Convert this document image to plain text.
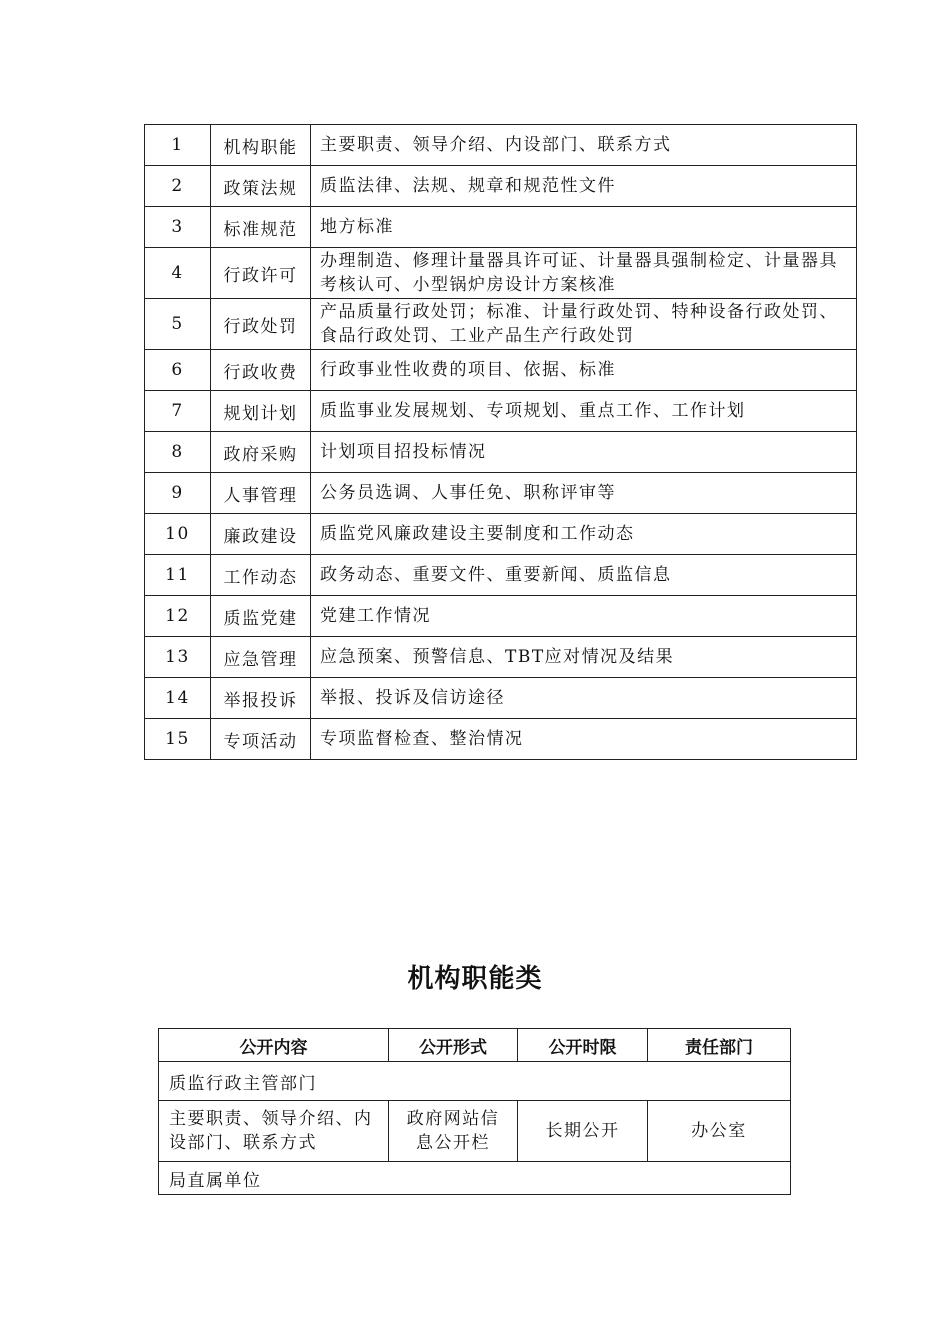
1	机构职能	主要职责、领导介绍、内设部门、联系方式
2	政策法规	质监法律、法规、规章和规范性文件
3	标准规范	地方标准
4	行政许可	办理制造、修理计量器具许可证、计量器具强制检定、计量器具考核认可、小型锅炉房设计方案核准
5	行政处罚	产品质量行政处罚；标准、计量行政处罚、特种设备行政处罚、食品行政处罚、工业产品生产行政处罚
6	行政收费	行政事业性收费的项目、依据、标准
7	规划计划	质监事业发展规划、专项规划、重点工作、工作计划
8	政府采购	计划项目招投标情况
9	人事管理	公务员选调、人事任免、职称评审等
10	廉政建设	质监党风廉政建设主要制度和工作动态
11	工作动态	政务动态、重要文件、重要新闻、质监信息
12	质监党建	党建工作情况
13	应急管理	应急预案、预警信息、TBT应对情况及结果
14	举报投诉	举报、投诉及信访途径
15	专项活动	专项监督检查、整治情况
机构职能类
公开内容	公开形式	公开时限	责任部门
质监行政主管部门			
主要职责、领导介绍、内设部门、联系方式	政府网站信息公开栏	长期公开	办公室
局直属单位			
